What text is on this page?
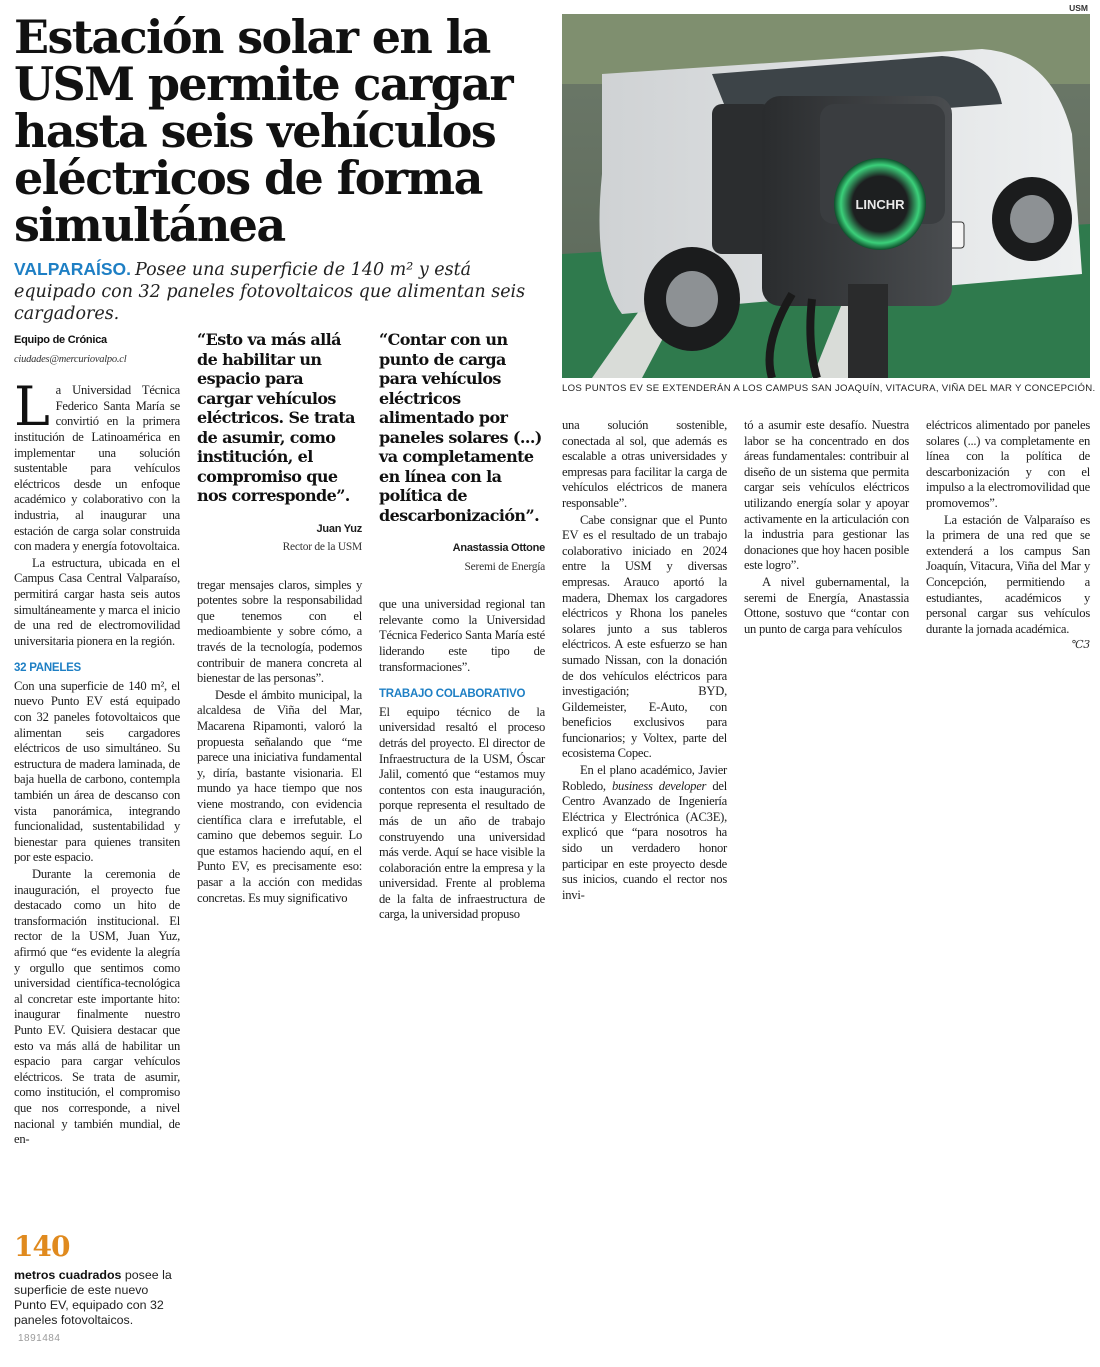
Estación solar en la USM permite cargar hasta seis vehículos eléctricos de forma simultánea
VALPARAÍSO. Posee una superficie de 140 m² y está equipado con 32 paneles fotovoltaicos que alimentan seis cargadores.
USM
LINCHR
LOS PUNTOS EV SE EXTENDERÁN A LOS CAMPUS SAN JOAQUÍN, VITACURA, VIÑA DEL MAR Y CONCEPCIÓN.
Equipo de Crónica
ciudades@mercuriovalpo.cl

La Universidad Técnica Federico Santa María se convirtió en la primera institución de Latinoamérica en implementar una solución sustentable para vehículos eléctricos desde un enfoque académico y colaborativo con la industria, al inaugurar una estación de carga solar construida con madera y energía fotovoltaica.

La estructura, ubicada en el Campus Casa Central Valparaíso, permitirá cargar hasta seis autos simultáneamente y marca el inicio de una red de electromovilidad universitaria pionera en la región.

32 PANELES

Con una superficie de 140 m², el nuevo Punto EV está equipado con 32 paneles fotovoltaicos que alimentan seis cargadores eléctricos de uso simultáneo. Su estructura de madera laminada, de baja huella de carbono, contempla también un área de descanso con vista panorámica, integrando funcionalidad, sustentabilidad y bienestar para quienes transiten por este espacio.

Durante la ceremonia de inauguración, el proyecto fue destacado como un hito de transformación institucional. El rector de la USM, Juan Yuz, afirmó que “es evidente la alegría y orgullo que sentimos como universidad científica-tecnológica al concretar este importante hito: inaugurar finalmente nuestro Punto EV. Quisiera destacar que esto va más allá de habilitar un espacio para cargar vehículos eléctricos. Se trata de asumir, como institución, el compromiso que nos corresponde, a nivel nacional y también mundial, de en-

“Esto va más allá de habilitar un espacio para cargar vehículos eléctricos. Se trata de asumir, como institución, el compromiso que nos corresponde”.
Juan Yuz
Rector de la USM

tregar mensajes claros, simples y potentes sobre la responsabilidad que tenemos con el medioambiente y sobre cómo, a través de la tecnología, podemos contribuir de manera concreta al bienestar de las personas”.

Desde el ámbito municipal, la alcaldesa de Viña del Mar, Macarena Ripamonti, valoró la propuesta señalando que “me parece una iniciativa fundamental y, diría, bastante visionaria. El mundo ya hace tiempo que nos viene mostrando, con evidencia científica clara e irrefutable, el camino que debemos seguir. Lo que estamos haciendo aquí, en el Punto EV, es precisamente eso: pasar a la acción con medidas concretas. Es muy significativo

“Contar con un punto de carga para vehículos eléctricos alimentado por paneles solares (...) va completamente en línea con la política de descarbonización”.
Anastassia Ottone
Seremi de Energía

que una universidad regional tan relevante como la Universidad Técnica Federico Santa María esté liderando este tipo de transformaciones”.

TRABAJO COLABORATIVO

El equipo técnico de la universidad resaltó el proceso detrás del proyecto. El director de Infraestructura de la USM, Óscar Jalil, comentó que “estamos muy contentos con esta inauguración, porque representa el resultado de más de un año de trabajo construyendo una universidad más verde. Aquí se hace visible la colaboración entre la empresa y la universidad. Frente al problema de la falta de infraestructura de carga, la universidad propuso

una solución sostenible, conectada al sol, que además es escalable a otras universidades y empresas para facilitar la carga de vehículos eléctricos de manera responsable”.

Cabe consignar que el Punto EV es el resultado de un trabajo colaborativo iniciado en 2024 entre la USM y diversas empresas. Arauco aportó la madera, Dhemax los cargadores eléctricos y Rhona los paneles solares junto a sus tableros eléctricos. A este esfuerzo se han sumado Nissan, con la donación de dos vehículos eléctricos para investigación; BYD, Gildemeister, E-Auto, con beneficios exclusivos para funcionarios; y Voltex, parte del ecosistema Copec.

En el plano académico, Javier Robledo, business developer del Centro Avanzado de Ingeniería Eléctrica y Electrónica (AC3E), explicó que “para nosotros ha sido un verdadero honor participar en este proyecto desde sus inicios, cuando el rector nos invi-

tó a asumir este desafío. Nuestra labor se ha concentrado en dos áreas fundamentales: contribuir al diseño de un sistema que permita cargar seis vehículos eléctricos utilizando energía solar y apoyar activamente en la articulación con la industria para gestionar las donaciones que hoy hacen posible este logro”.

A nivel gubernamental, la seremi de Energía, Anastassia Ottone, sostuvo que “contar con un punto de carga para vehículos

eléctricos alimentado por paneles solares (...) va completamente en línea con la política de descarbonización y con el impulso a la electromovilidad que promovemos”.

La estación de Valparaíso es la primera de una red que se extenderá a los campus San Joaquín, Vitacura, Viña del Mar y Concepción, permitiendo a estudiantes, académicos y personal cargar sus vehículos durante la jornada académica.
℃3

140
metros cuadrados posee la superficie de este nuevo Punto EV, equipado con 32 paneles fotovoltaicos.
1891484
